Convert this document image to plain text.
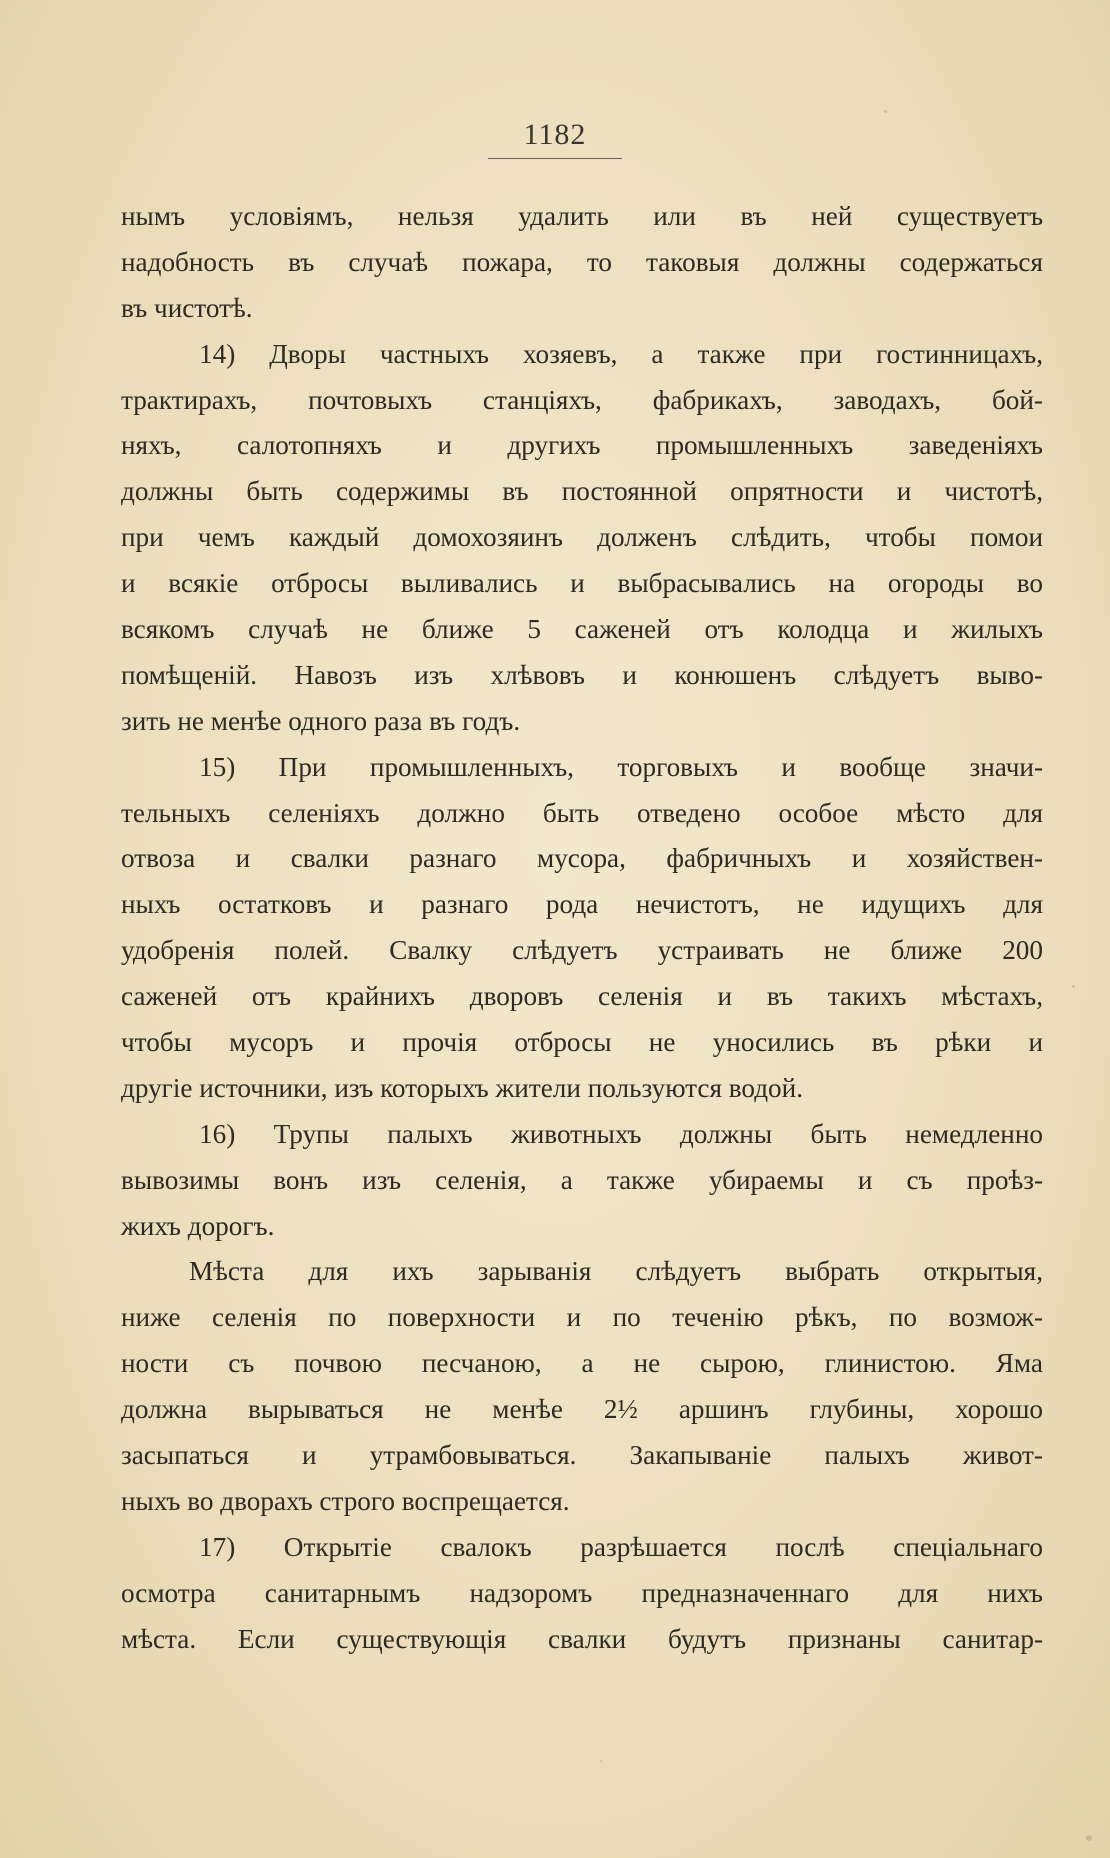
1182
нымъ условіямъ, нельзя удалить или въ ней существуетъ
надобность въ случаѣ пожара, то таковыя должны содержаться
въ чистотѣ.
14) Дворы частныхъ хозяевъ, а также при гостинницахъ,
трактирахъ, почтовыхъ станціяхъ, фабрикахъ, заводахъ, бой-
няхъ, салотопняхъ и другихъ промышленныхъ заведеніяхъ
должны быть содержимы въ постоянной опрятности и чистотѣ,
при чемъ каждый домохозяинъ долженъ слѣдить, чтобы помои
и всякіе отбросы выливались и выбрасывались на огороды во
всякомъ случаѣ не ближе 5 саженей отъ колодца и жилыхъ
помѣщеній. Навозъ изъ хлѣвовъ и конюшенъ слѣдуетъ выво-
зить не менѣе одного раза въ годъ.
15) При промышленныхъ, торговыхъ и вообще значи-
тельныхъ селеніяхъ должно быть отведено особое мѣсто для
отвоза и свалки разнаго мусора, фабричныхъ и хозяйствен-
ныхъ остатковъ и разнаго рода нечистотъ, не идущихъ для
удобренія полей. Свалку слѣдуетъ устраивать не ближе 200
саженей отъ крайнихъ дворовъ селенія и въ такихъ мѣстахъ,
чтобы мусоръ и прочія отбросы не уносились въ рѣки и
другіе источники, изъ которыхъ жители пользуются водой.
16) Трупы палыхъ животныхъ должны быть немедленно
вывозимы вонъ изъ селенія, а также убираемы и съ проѣз-
жихъ дорогъ.
Мѣста для ихъ зарыванія слѣдуетъ выбрать открытыя,
ниже селенія по поверхности и по теченію рѣкъ, по возмож-
ности съ почвою песчаною, а не сырою, глинистою. Яма
должна вырываться не менѣе 2½ аршинъ глубины, хорошо
засыпаться и утрамбовываться. Закапываніе палыхъ живот-
ныхъ во дворахъ строго воспрещается.
17) Открытіе свалокъ разрѣшается послѣ спеціальнаго
осмотра санитарнымъ надзоромъ предназначеннаго для нихъ
мѣста. Если существующія свалки будутъ признаны санитар-
